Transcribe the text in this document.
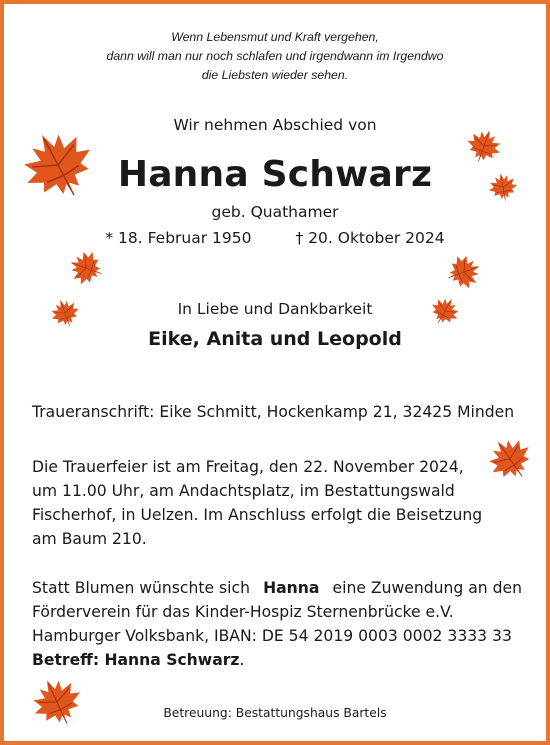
Wenn Lebensmut und Kraft vergehen,
dann will man nur noch schlafen und irgendwann im Irgendwo
die Liebsten wieder sehen.
Wir nehmen Abschied von
Hanna Schwarz
geb. Quathamer
* 18. Februar 1950	† 20. Oktober 2024
In Liebe und Dankbarkeit
Eike, Anita und Leopold
Traueranschrift: Eike Schmitt, Hockenkamp 21, 32425 Minden
Die Trauerfeier ist am Freitag, den 22. November 2024,
um 11.00 Uhr, am Andachtsplatz, im Bestattungswald
Fischerhof, in Uelzen. Im Anschluss erfolgt die Beisetzung
am Baum 210.
Statt Blumen wünschte sich Hanna eine Zuwendung an den
Förderverein für das Kinder-Hospiz Sternenbrücke e.V.
Hamburger Volksbank, IBAN: DE 54 2019 0003 0002 3333 33
Betreff: Hanna Schwarz.
Betreuung: Bestattungshaus Bartels
